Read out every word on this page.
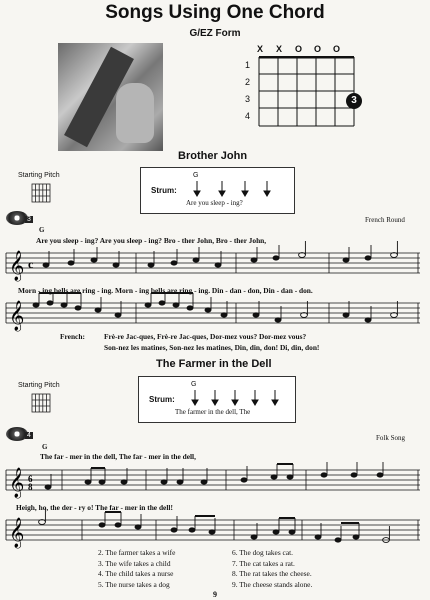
Songs Using One Chord
G/EZ Form
X X O O O
1
2
3
4
3
Brother John
Starting Pitch
Strum:
G
Are you sleep - ing?
3	French Round
G
Are you sleep - ing? Are you sleep - ing? Bro - ther John, Bro - ther John,
𝄞 c
Morn - ing bells are ring - ing. Morn - ing bells are ring - ing. Din - dan - don, Din - dan - don.
𝄞
French:	Frè-re Jac-ques, Frè-re Jac-ques, Dor-mez vous? Dor-mez vous?
Son-nez les matines, Son-nez les matines, Din, din, don! Di, din, don!
The Farmer in the Dell
Starting Pitch
Strum:
G
The farmer in the dell, The
4	Folk Song
G
The far - mer in the dell, The far - mer in the dell,
𝄞 6
8
Heigh, ho, the der - ry o! The far - mer in the dell!
𝄞
2. The farmer takes a wife
3. The wife takes a child
4. The child takes a nurse
5. The nurse takes a dog
6. The dog takes cat.
7. The cat takes a rat.
8. The rat takes the cheese.
9. The cheese stands alone.
9
